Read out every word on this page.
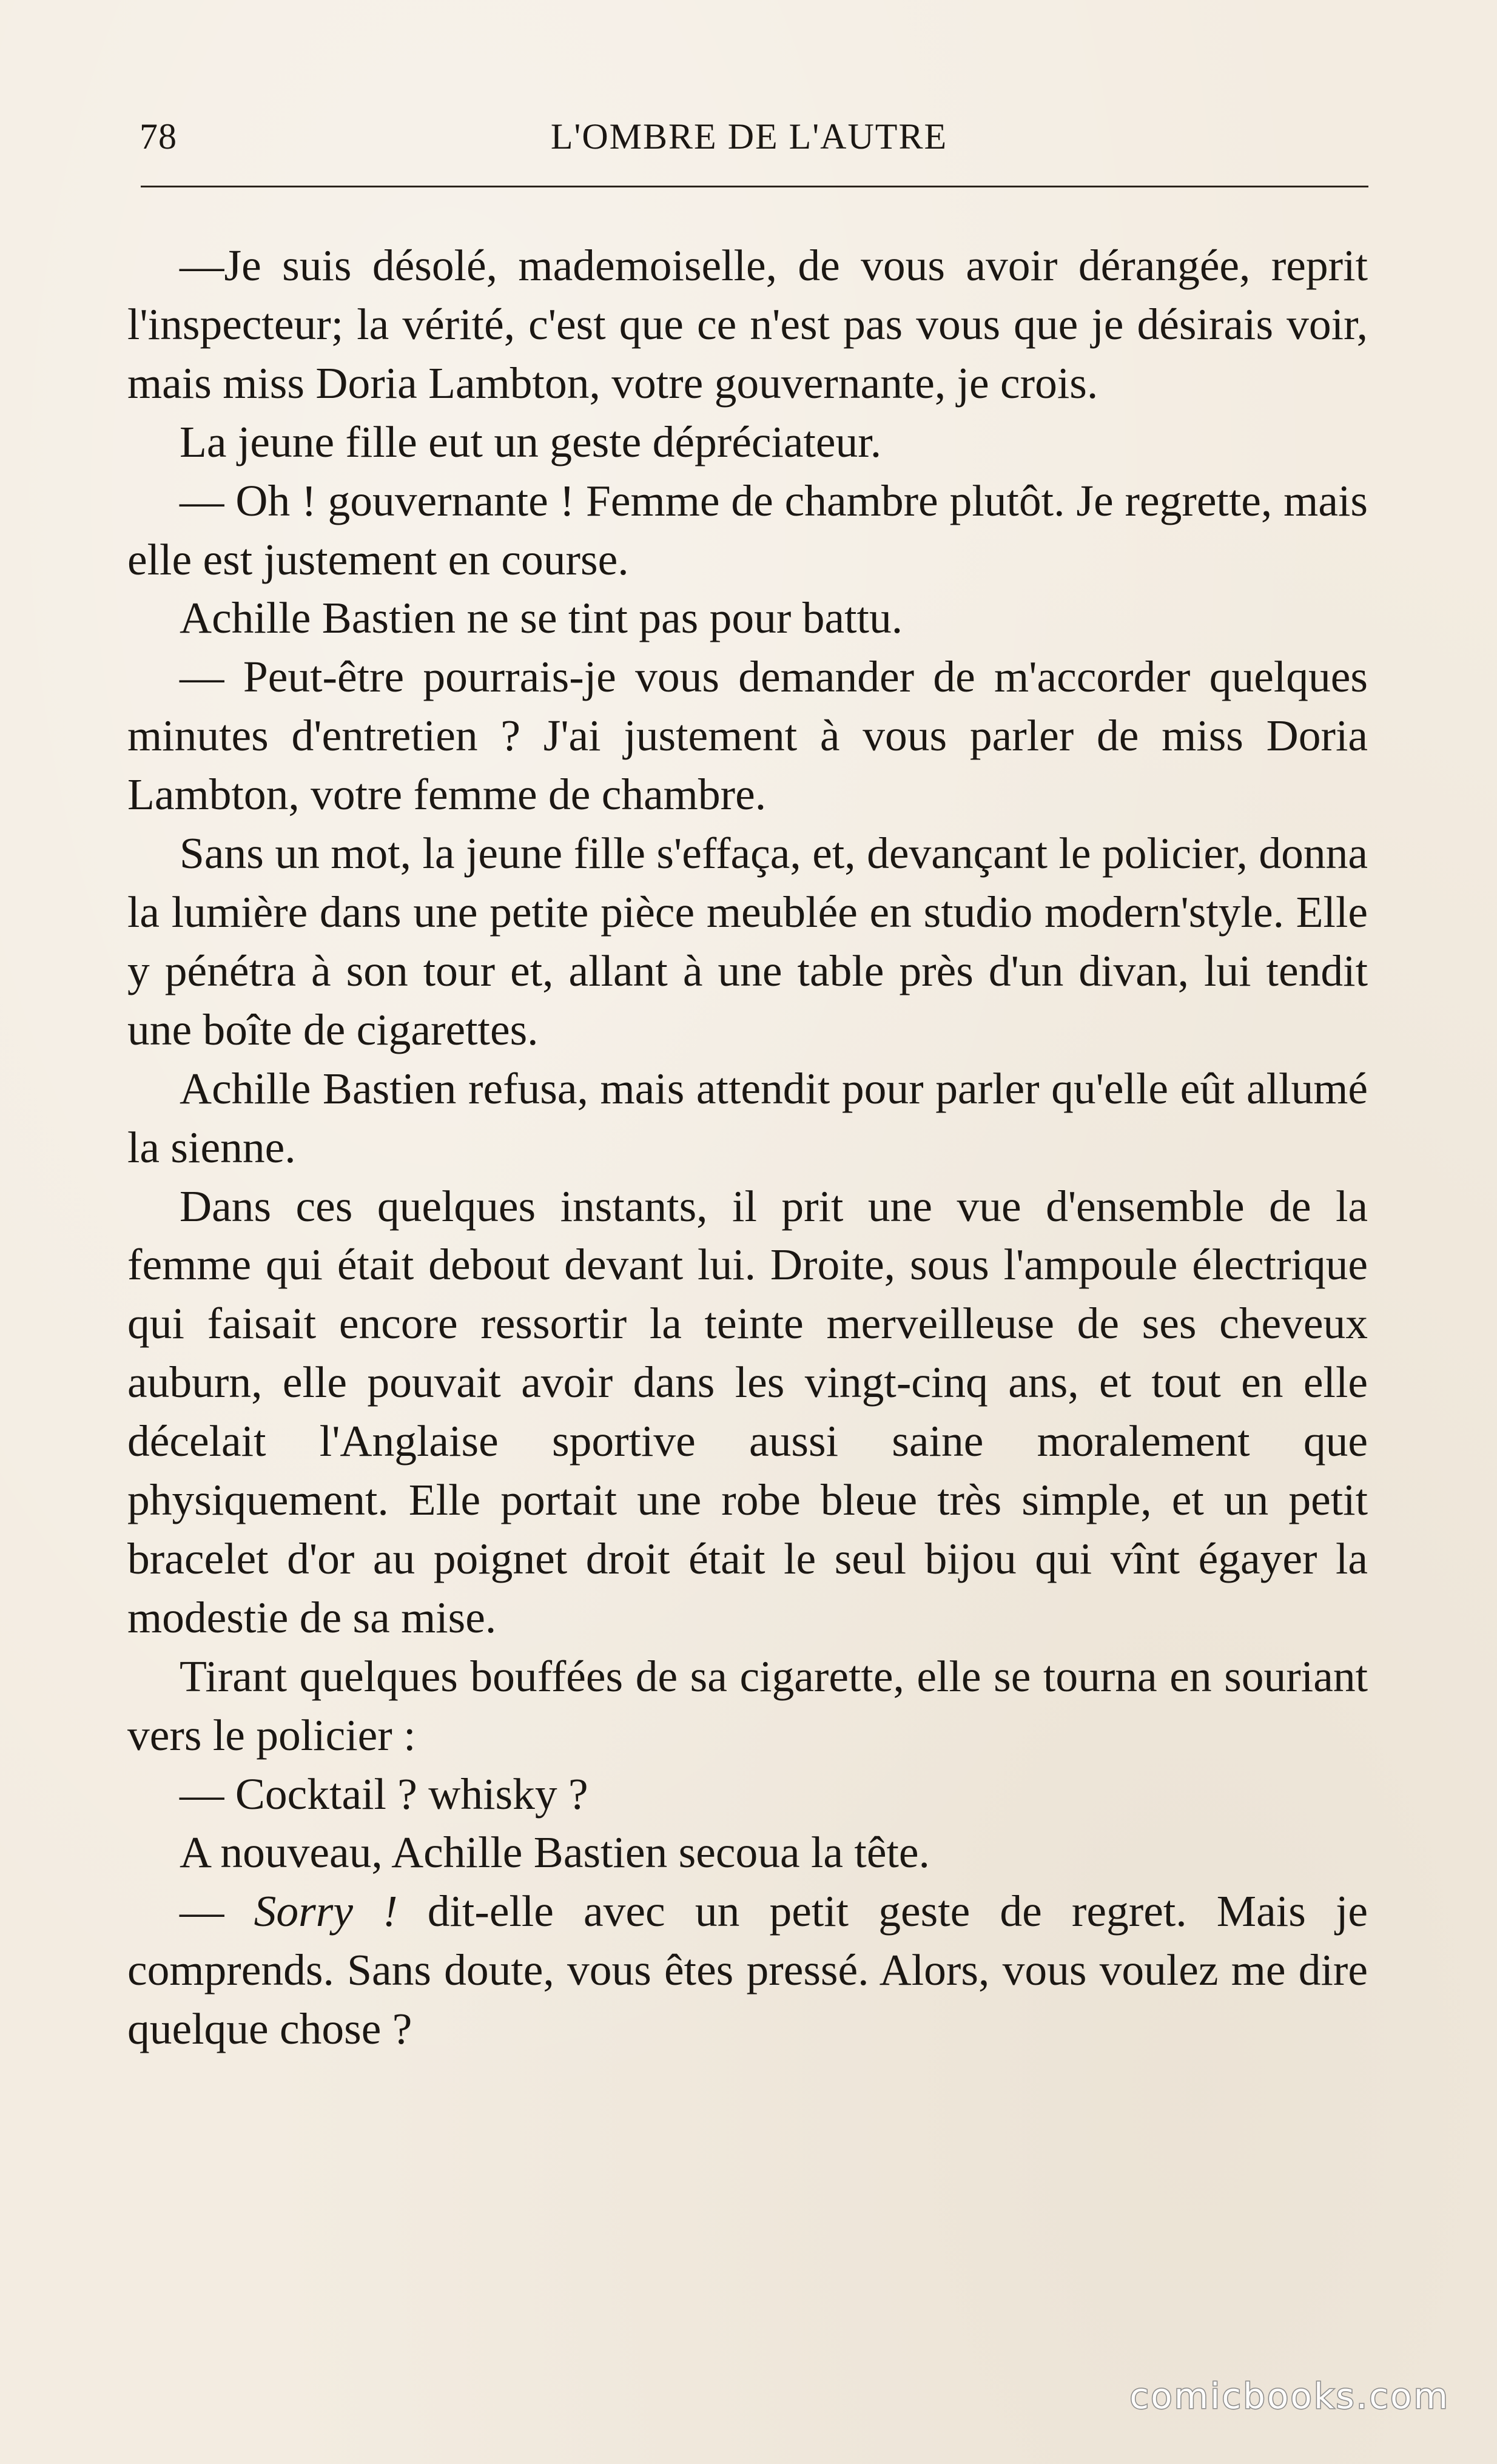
78	L'OMBRE DE L'AUTRE

—Je suis désolé, mademoiselle, de vous avoir dérangée, reprit l'inspecteur; la vérité, c'est que ce n'est pas vous que je désirais voir, mais miss Doria Lambton, votre gouvernante, je crois.

La jeune fille eut un geste dépréciateur.

— Oh ! gouvernante ! Femme de chambre plutôt. Je regrette, mais elle est justement en course.

Achille Bastien ne se tint pas pour battu.

— Peut-être pourrais-je vous demander de m'accorder quelques minutes d'entretien ? J'ai justement à vous parler de miss Doria Lambton, votre femme de chambre.

Sans un mot, la jeune fille s'effaça, et, devançant le policier, donna la lumière dans une petite pièce meublée en studio modern'style. Elle y pénétra à son tour et, allant à une table près d'un divan, lui tendit une boîte de cigarettes.

Achille Bastien refusa, mais attendit pour parler qu'elle eût allumé la sienne.

Dans ces quelques instants, il prit une vue d'ensemble de la femme qui était debout devant lui. Droite, sous l'ampoule électrique qui faisait encore ressortir la teinte merveilleuse de ses cheveux auburn, elle pouvait avoir dans les vingt-cinq ans, et tout en elle décelait l'Anglaise sportive aussi saine moralement que physiquement. Elle portait une robe bleue très simple, et un petit bracelet d'or au poignet droit était le seul bijou qui vînt égayer la modestie de sa mise.

Tirant quelques bouffées de sa cigarette, elle se tourna en souriant vers le policier :

— Cocktail ? whisky ?

A nouveau, Achille Bastien secoua la tête.

— Sorry ! dit-elle avec un petit geste de regret. Mais je comprends. Sans doute, vous êtes pressé. Alors, vous voulez me dire quelque chose ?

comicbooks.com
